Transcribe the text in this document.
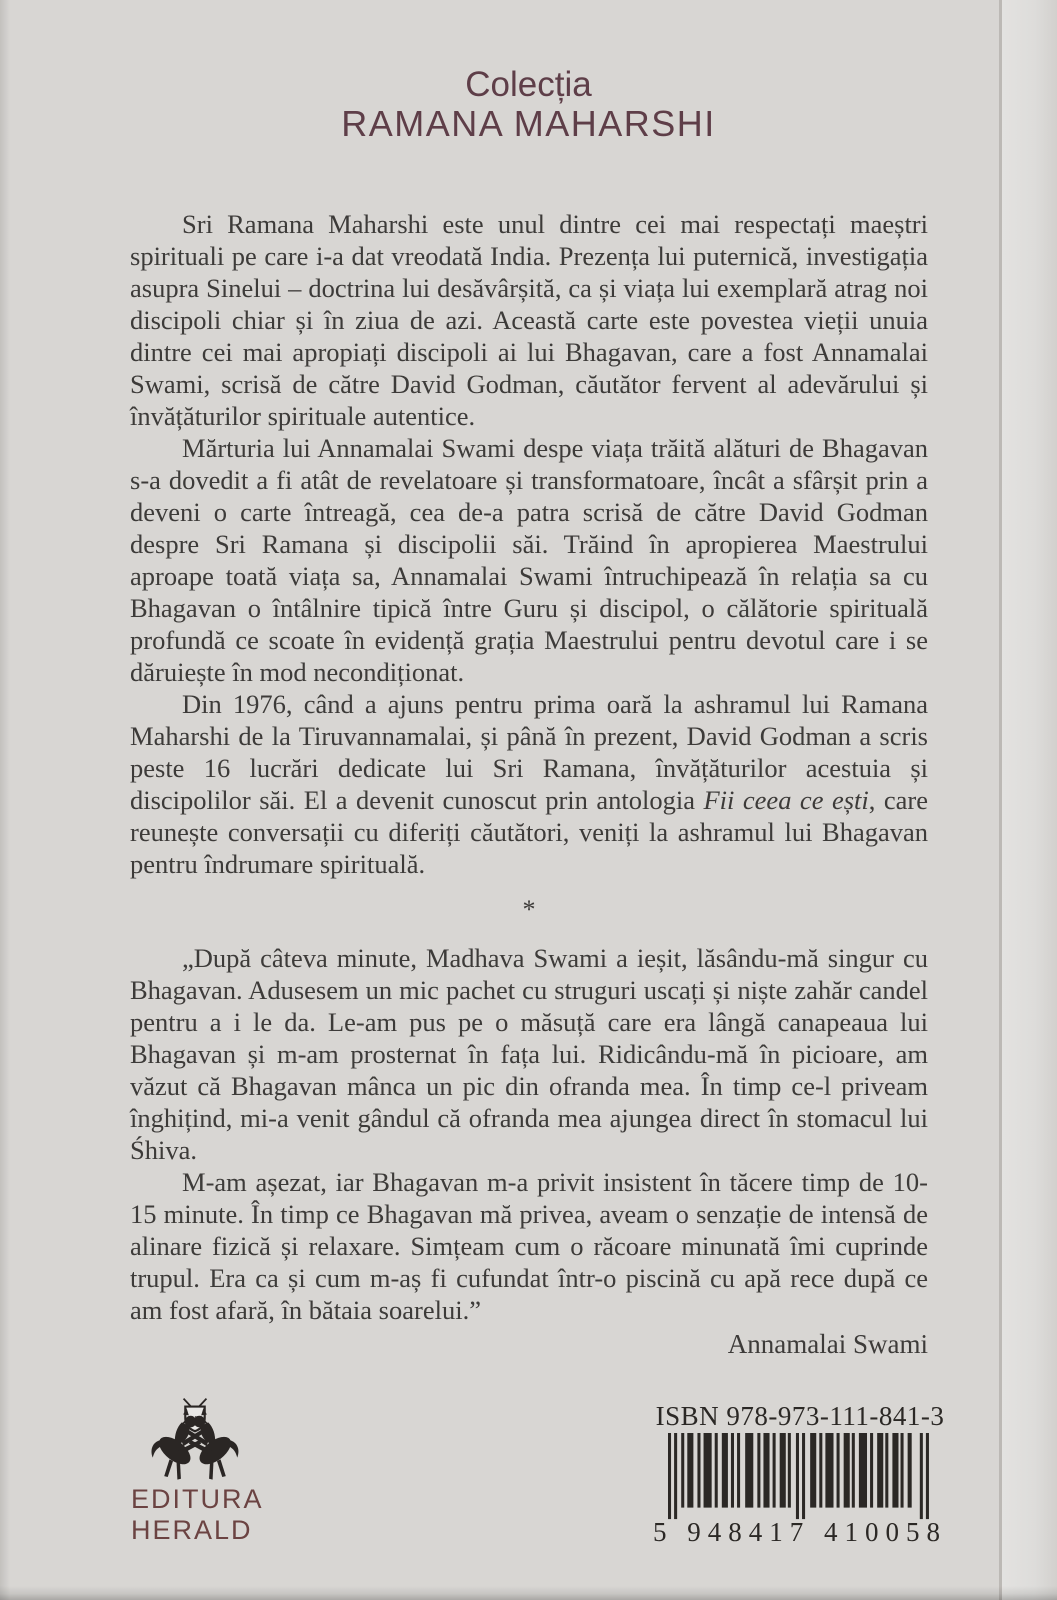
Colecția
RAMANA MAHARSHI

Sri Ramana Maharshi este unul dintre cei mai respectați maeștri spirituali pe care i-a dat vreodată India. Prezența lui puternică, investigația asupra Sinelui – doctrina lui desăvârșită, ca și viața lui exemplară atrag noi discipoli chiar și în ziua de azi. Această carte este povestea vieții unuia dintre cei mai apropiați discipoli ai lui Bhagavan, care a fost Annamalai Swami, scrisă de către David Godman, căutător fervent al adevărului și învățăturilor spirituale autentice.

Mărturia lui Annamalai Swami despe viața trăită alături de Bhagavan s-a dovedit a fi atât de revelatoare și transformatoare, încât a sfârșit prin a deveni o carte întreagă, cea de-a patra scrisă de către David Godman despre Sri Ramana și discipolii săi. Trăind în apropierea Maestrului aproape toată viața sa, Annamalai Swami întruchipează în relația sa cu Bhagavan o întâlnire tipică între Guru și discipol, o călătorie spirituală profundă ce scoate în evidență grația Maestrului pentru devotul care i se dăruiește în mod necondiționat.

Din 1976, când a ajuns pentru prima oară la ashramul lui Ramana Maharshi de la Tiruvannamalai, și până în prezent, David Godman a scris peste 16 lucrări dedicate lui Sri Ramana, învățăturilor acestuia și discipolilor săi. El a devenit cunoscut prin antologia Fii ceea ce ești, care reunește conversații cu diferiți căutători, veniți la ashramul lui Bhagavan pentru îndrumare spirituală.

*

„După câteva minute, Madhava Swami a ieșit, lăsându-mă singur cu Bhagavan. Adusesem un mic pachet cu struguri uscați și niște zahăr candel pentru a i le da. Le-am pus pe o măsuță care era lângă canapeaua lui Bhagavan și m-am prosternat în fața lui. Ridicându-mă în picioare, am văzut că Bhagavan mânca un pic din ofranda mea. În timp ce-l priveam înghițind, mi-a venit gândul că ofranda mea ajungea direct în stomacul lui Śhiva.

M-am așezat, iar Bhagavan m-a privit insistent în tăcere timp de 10-15 minute. În timp ce Bhagavan mă privea, aveam o senzație de intensă de alinare fizică și relaxare. Simțeam cum o răcoare minunată îmi cuprinde trupul. Era ca și cum m-aș fi cufundat într-o piscină cu apă rece după ce am fost afară, în bătaia soarelui.”

Annamalai Swami
EDITURA
HERALD
ISBN 978-973-111-841-3
5 948417 410058
